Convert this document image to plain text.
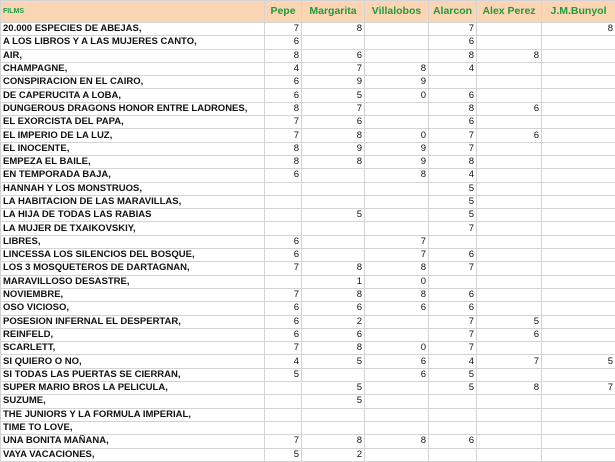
FILMS	Pepe	Margarita	Villalobos	Alarcon	Alex Perez	J.M.Bunyol
20.000 ESPECIES DE ABEJAS,	7	8		7		8
A LOS LIBROS Y A LAS MUJERES CANTO,	6			6		
AIR,	8	6		8	8	
CHAMPAGNE,	4	7	8	4		
CONSPIRACION EN EL CAIRO,	6	9	9			
DE CAPERUCITA A LOBA,	6	5	0	6		
DUNGEROUS DRAGONS HONOR ENTRE LADRONES,	8	7		8	6	
EL EXORCISTA DEL PAPA,	7	6		6		
EL IMPERIO DE LA LUZ,	7	8	0	7	6	
EL INOCENTE,	8	9	9	7		
EMPEZA EL BAILE,	8	8	9	8		
EN TEMPORADA BAJA,	6		8	4		
HANNAH Y LOS MONSTRUOS,				5		
LA HABITACION DE LAS MARAVILLAS,				5		
LA HIJA DE TODAS LAS RABIAS		5		5		
LA MUJER DE TXAIKOVSKIY,				7		
LIBRES,	6		7			
LINCESSA LOS SILENCIOS DEL BOSQUE,	6		7	6		
LOS 3 MOSQUETEROS DE DARTAGNAN,	7	8	8	7		
MARAVILLOSO DESASTRE,		1	0			
NOVIEMBRE,	7	8	8	6		
OSO VICIOSO,	6	6	6	6		
POSESION INFERNAL EL DESPERTAR,	6	2		7	5	
REINFELD,	6	6		7	6	
SCARLETT,	7	8	0	7		
SI QUIERO O NO,	4	5	6	4	7	5
SI TODAS LAS PUERTAS SE CIERRAN,	5		6	5		
SUPER MARIO BROS LA PELICULA,		5		5	8	7
SUZUME,		5				
THE JUNIORS Y LA FORMULA IMPERIAL,						
TIME TO LOVE,						
UNA BONITA MAÑANA,	7	8	8	6		
VAYA VACACIONES,	5	2				
